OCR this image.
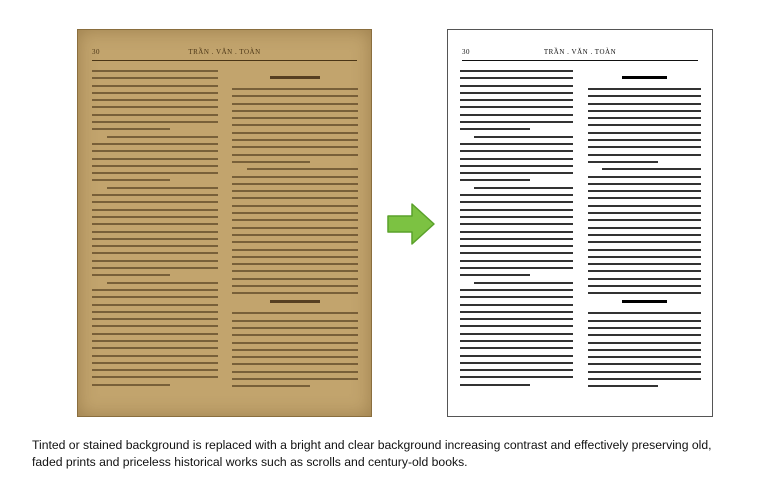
30	TRẦN . VĂN . TOÀN	30	TRẦN . VĂN . TOÀN

Tinted or stained background is replaced with a bright and clear background increasing contrast and effectively preserving old, faded prints and priceless historical works such as scrolls and century-old books.
